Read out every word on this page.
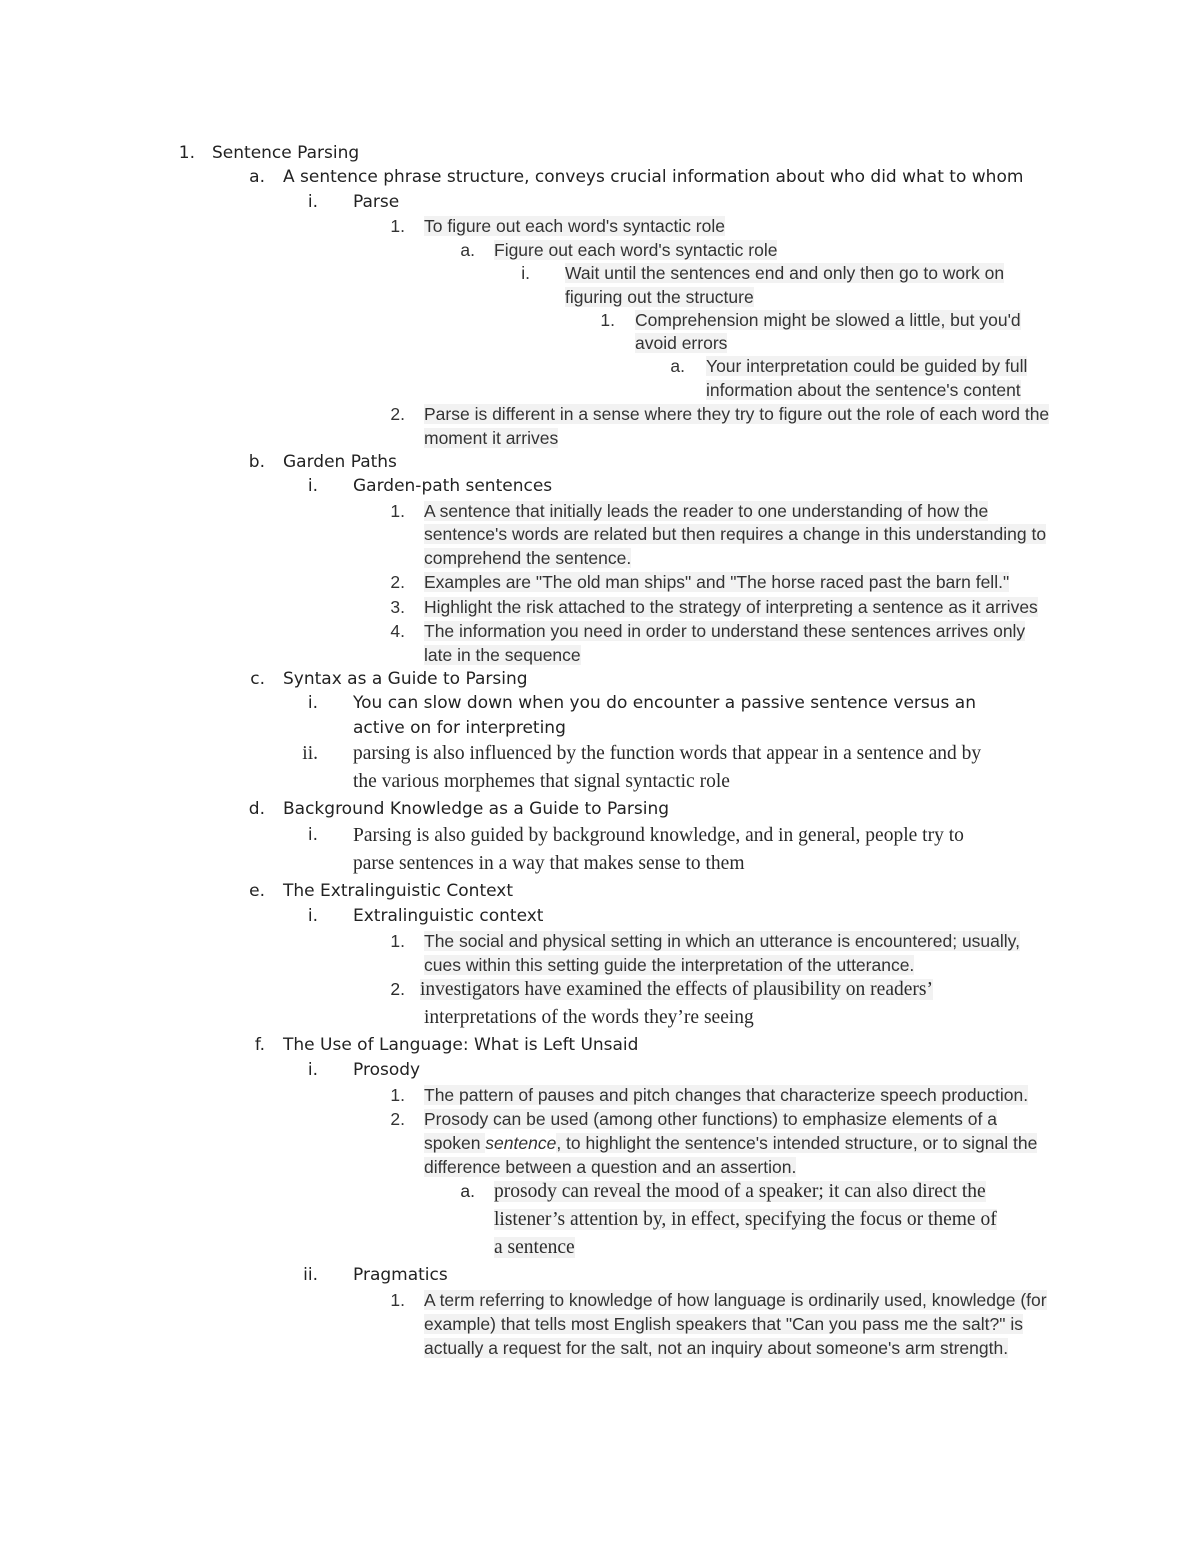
1. Sentence Parsing
a. A sentence phrase structure, conveys crucial information about who did what to whom
i. Parse
1. To figure out each word's syntactic role
a. Figure out each word's syntactic role
i. Wait until the sentences end and only then go to work on
figuring out the structure
1. Comprehension might be slowed a little, but you'd
avoid errors
a. Your interpretation could be guided by full
information about the sentence's content
2. Parse is different in a sense where they try to figure out the role of each word the
moment it arrives
b. Garden Paths
i. Garden-path sentences
1. A sentence that initially leads the reader to one understanding of how the
sentence's words are related but then requires a change in this understanding to
comprehend the sentence.
2. Examples are "The old man ships" and "The horse raced past the barn fell."
3. Highlight the risk attached to the strategy of interpreting a sentence as it arrives
4. The information you need in order to understand these sentences arrives only
late in the sequence
c. Syntax as a Guide to Parsing
i. You can slow down when you do encounter a passive sentence versus an
active on for interpreting
ii. parsing is also influenced by the function words that appear in a sentence and by
the various morphemes that signal syntactic role
d. Background Knowledge as a Guide to Parsing
i. Parsing is also guided by background knowledge, and in general, people try to
parse sentences in a way that makes sense to them
e. The Extralinguistic Context
i. Extralinguistic context
1. The social and physical setting in which an utterance is encountered; usually,
cues within this setting guide the interpretation of the utterance.
2. investigators have examined the effects of plausibility on readers’
interpretations of the words they’re seeing
f. The Use of Language: What is Left Unsaid
i. Prosody
1. The pattern of pauses and pitch changes that characterize speech production.
2. Prosody can be used (among other functions) to emphasize elements of a
spoken sentence, to highlight the sentence's intended structure, or to signal the
difference between a question and an assertion.
a. prosody can reveal the mood of a speaker; it can also direct the
listener’s attention by, in effect, specifying the focus or theme of
a sentence
ii. Pragmatics
1. A term referring to knowledge of how language is ordinarily used, knowledge (for
example) that tells most English speakers that "Can you pass me the salt?" is
actually a request for the salt, not an inquiry about someone's arm strength.
